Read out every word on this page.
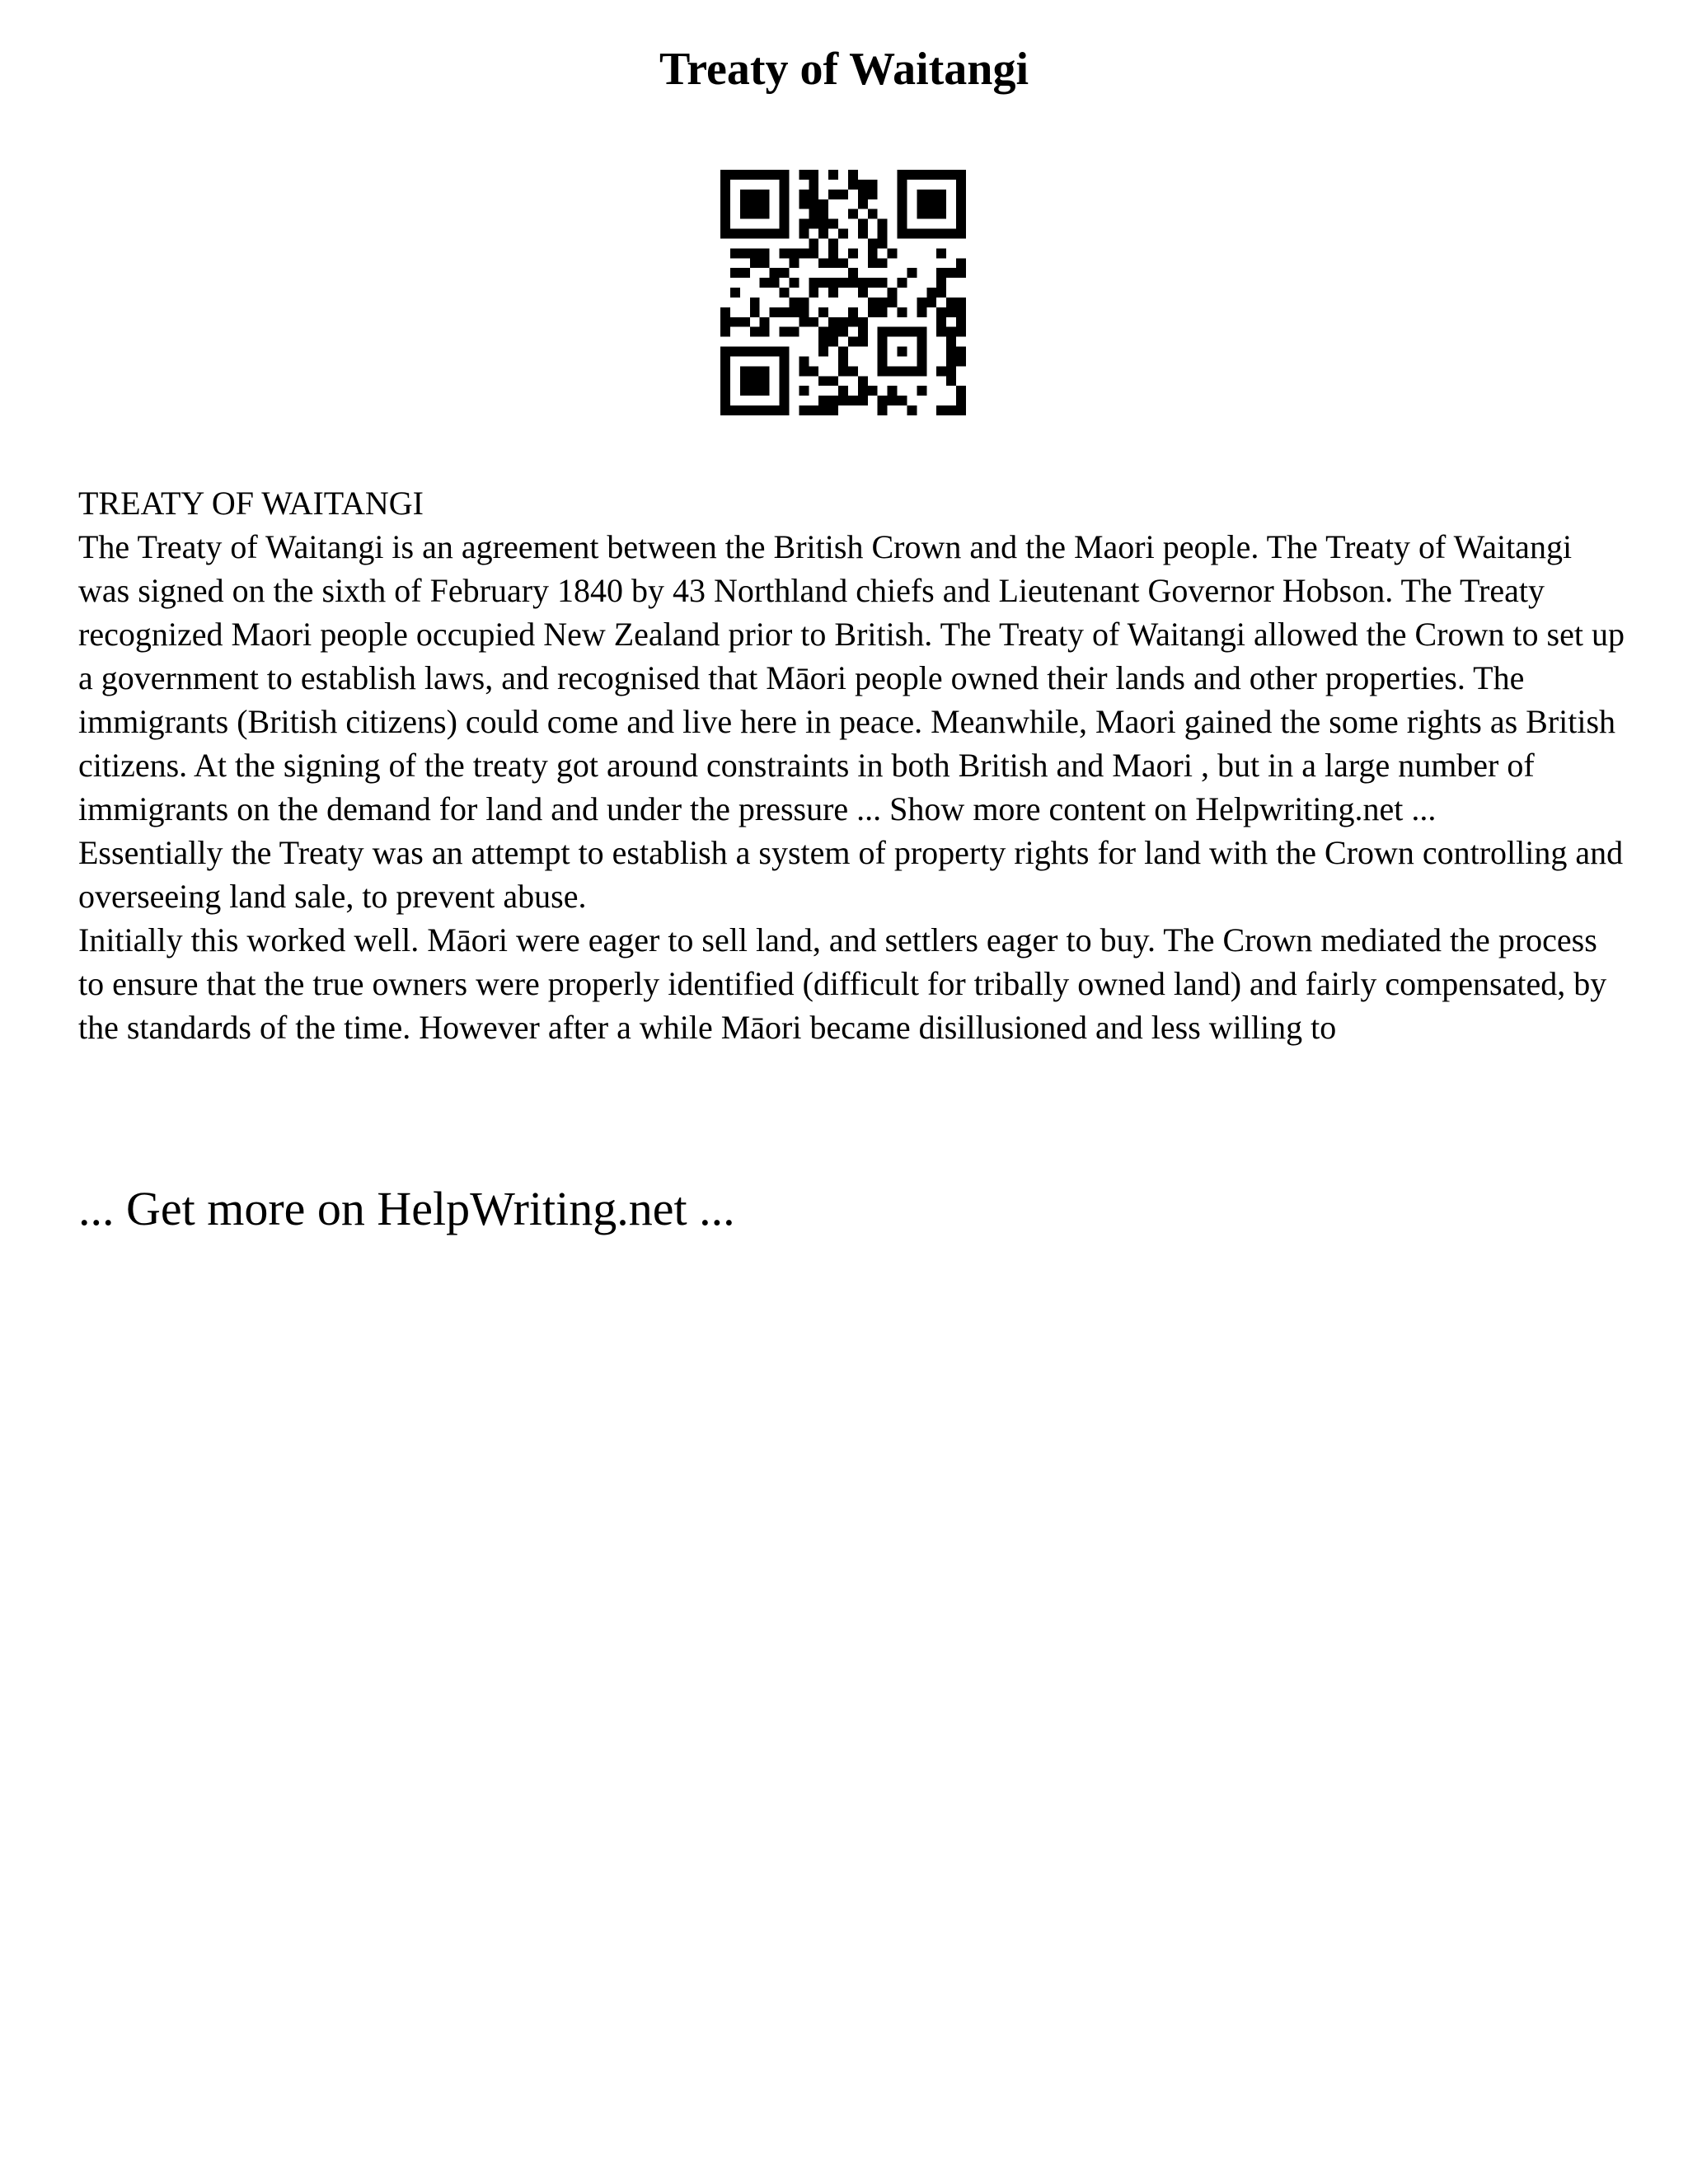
Treaty of Waitangi

TREATY OF WAITANGI

The Treaty of Waitangi is an agreement between the British Crown and the Maori people. The Treaty of Waitangi was signed on the sixth of February 1840 by 43 Northland chiefs and Lieutenant Governor Hobson. The Treaty recognized Maori people occupied New Zealand prior to British. The Treaty of Waitangi allowed the Crown to set up a government to establish laws, and recognised that Māori people owned their lands and other properties. The immigrants (British citizens) could come and live here in peace. Meanwhile, Maori gained the some rights as British citizens. At the signing of the treaty got around constraints in both British and Maori , but in a large number of immigrants on the demand for land and under the pressure ... Show more content on Helpwriting.net ...

Essentially the Treaty was an attempt to establish a system of property rights for land with the Crown controlling and overseeing land sale, to prevent abuse.

Initially this worked well. Māori were eager to sell land, and settlers eager to buy. The Crown mediated the process to ensure that the true owners were properly identified (difficult for tribally owned land) and fairly compensated, by the standards of the time. However after a while Māori became disillusioned and less willing to

... Get more on HelpWriting.net ...
